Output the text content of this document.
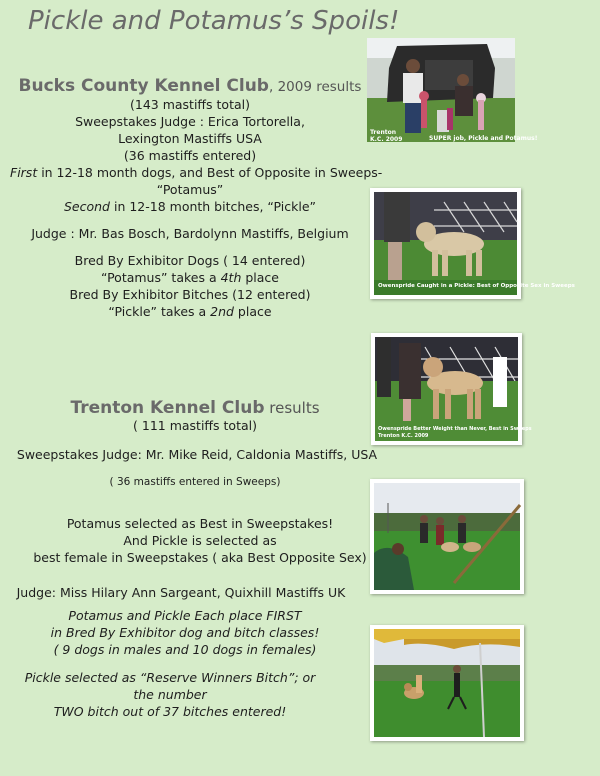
Pickle and Potamus’s Spoils!
Bucks County Kennel Club, 2009 results
(143 mastiffs total)
Sweepstakes Judge : Erica Tortorella,
Lexington Mastiffs USA
(36 mastiffs entered)
First in 12-18 month dogs, and Best of Opposite in Sweeps-
“Potamus”
Second in 12-18 month bitches, “Pickle”
Judge : Mr. Bas Bosch, Bardolynn Mastiffs, Belgium
Bred By Exhibitor Dogs ( 14 entered)
“Potamus” takes a 4th place
Bred By Exhibitor Bitches (12 entered)
“Pickle” takes a 2nd place
Trenton Kennel Club results
( 111 mastiffs total)
Sweepstakes Judge: Mr. Mike Reid, Caldonia Mastiffs, USA
( 36 mastiffs entered in Sweeps)
Potamus selected as Best in Sweepstakes!
And Pickle is selected as
best female in Sweepstakes ( aka Best Opposite Sex)
Judge: Miss Hilary Ann Sargeant, Quixhill Mastiffs UK
Potamus and Pickle Each place FIRST
in Bred By Exhibitor dog and bitch classes!
( 9 dogs in males and 10 dogs in females)
Pickle selected as “Reserve Winners Bitch”; or
the number
TWO bitch out of 37 bitches entered!
Trenton
K.C. 2009	SUPER job, Pickle and Potamus!
Owenspride Caught in a Pickle: Best of Opposite Sex in Sweeps
Owenspride Better Weight than Never, Best in Sweeps
Trenton K.C. 2009
